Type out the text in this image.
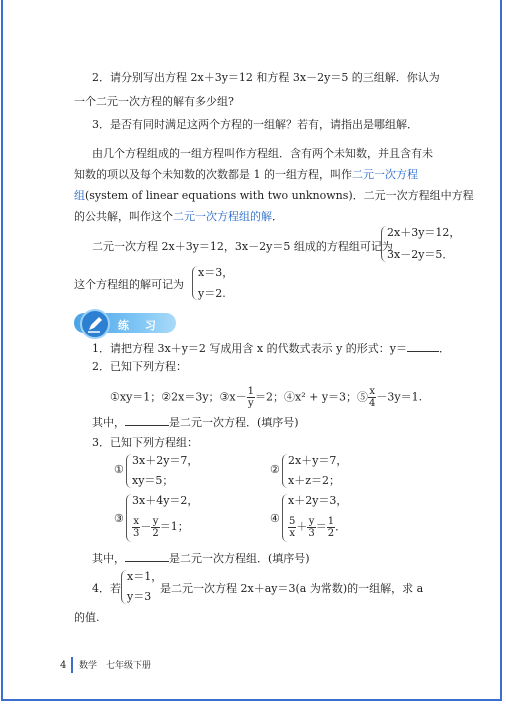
2．请分别写出方程 2x＋3y＝12 和方程 3x－2y＝5 的三组解．你认为
一个二元一次方程的解有多少组?
3．是否有同时满足这两个方程的一组解？若有，请指出是哪组解．
由几个方程组成的一组方程叫作方程组．含有两个未知数，并且含有未
知数的项以及每个未知数的次数都是 1 的一组方程，叫作二元一次方程
组(system of linear equations with two unknowns)．二元一次方程组中方程
的公共解，叫作这个二元一次方程组的解．
二元一次方程 2x＋3y＝12，3x－2y＝5 组成的方程组可记为
2x＋3y＝12，
3x－2y＝5．
这个方程组的解可记为
x＝3，
y＝2.
练 习
1．请把方程 3x＋y＝2 写成用含 x 的代数式表示 y 的形式：y＝	．
2．已知下列方程：
①xy＝1；②2x＝3y；③x－ $\frac{1}{y} =2$；④x² + y＝3；⑤ $\frac{x}{4} -3y=1$.
其中，	是二元一次方程．(填序号)
3．已知下列方程组：
①
3x＋2y＝7，
xy＝5；
②
2x＋y＝7，
x＋z＝2；
③
3x＋4y＝2，
$\frac{x}{3} - \frac{y}{2} =1$；
④
x＋2y＝3，
$\frac{5}{x} + \frac{y}{3} = \frac{1}{2}$ ．
其中，	是二元一次方程组．(填序号)
4．若
x＝1，
y＝3
是二元一次方程 2x＋ay＝3(a 为常数)的一组解，求 a
的值.
4 数学　七年级下册
